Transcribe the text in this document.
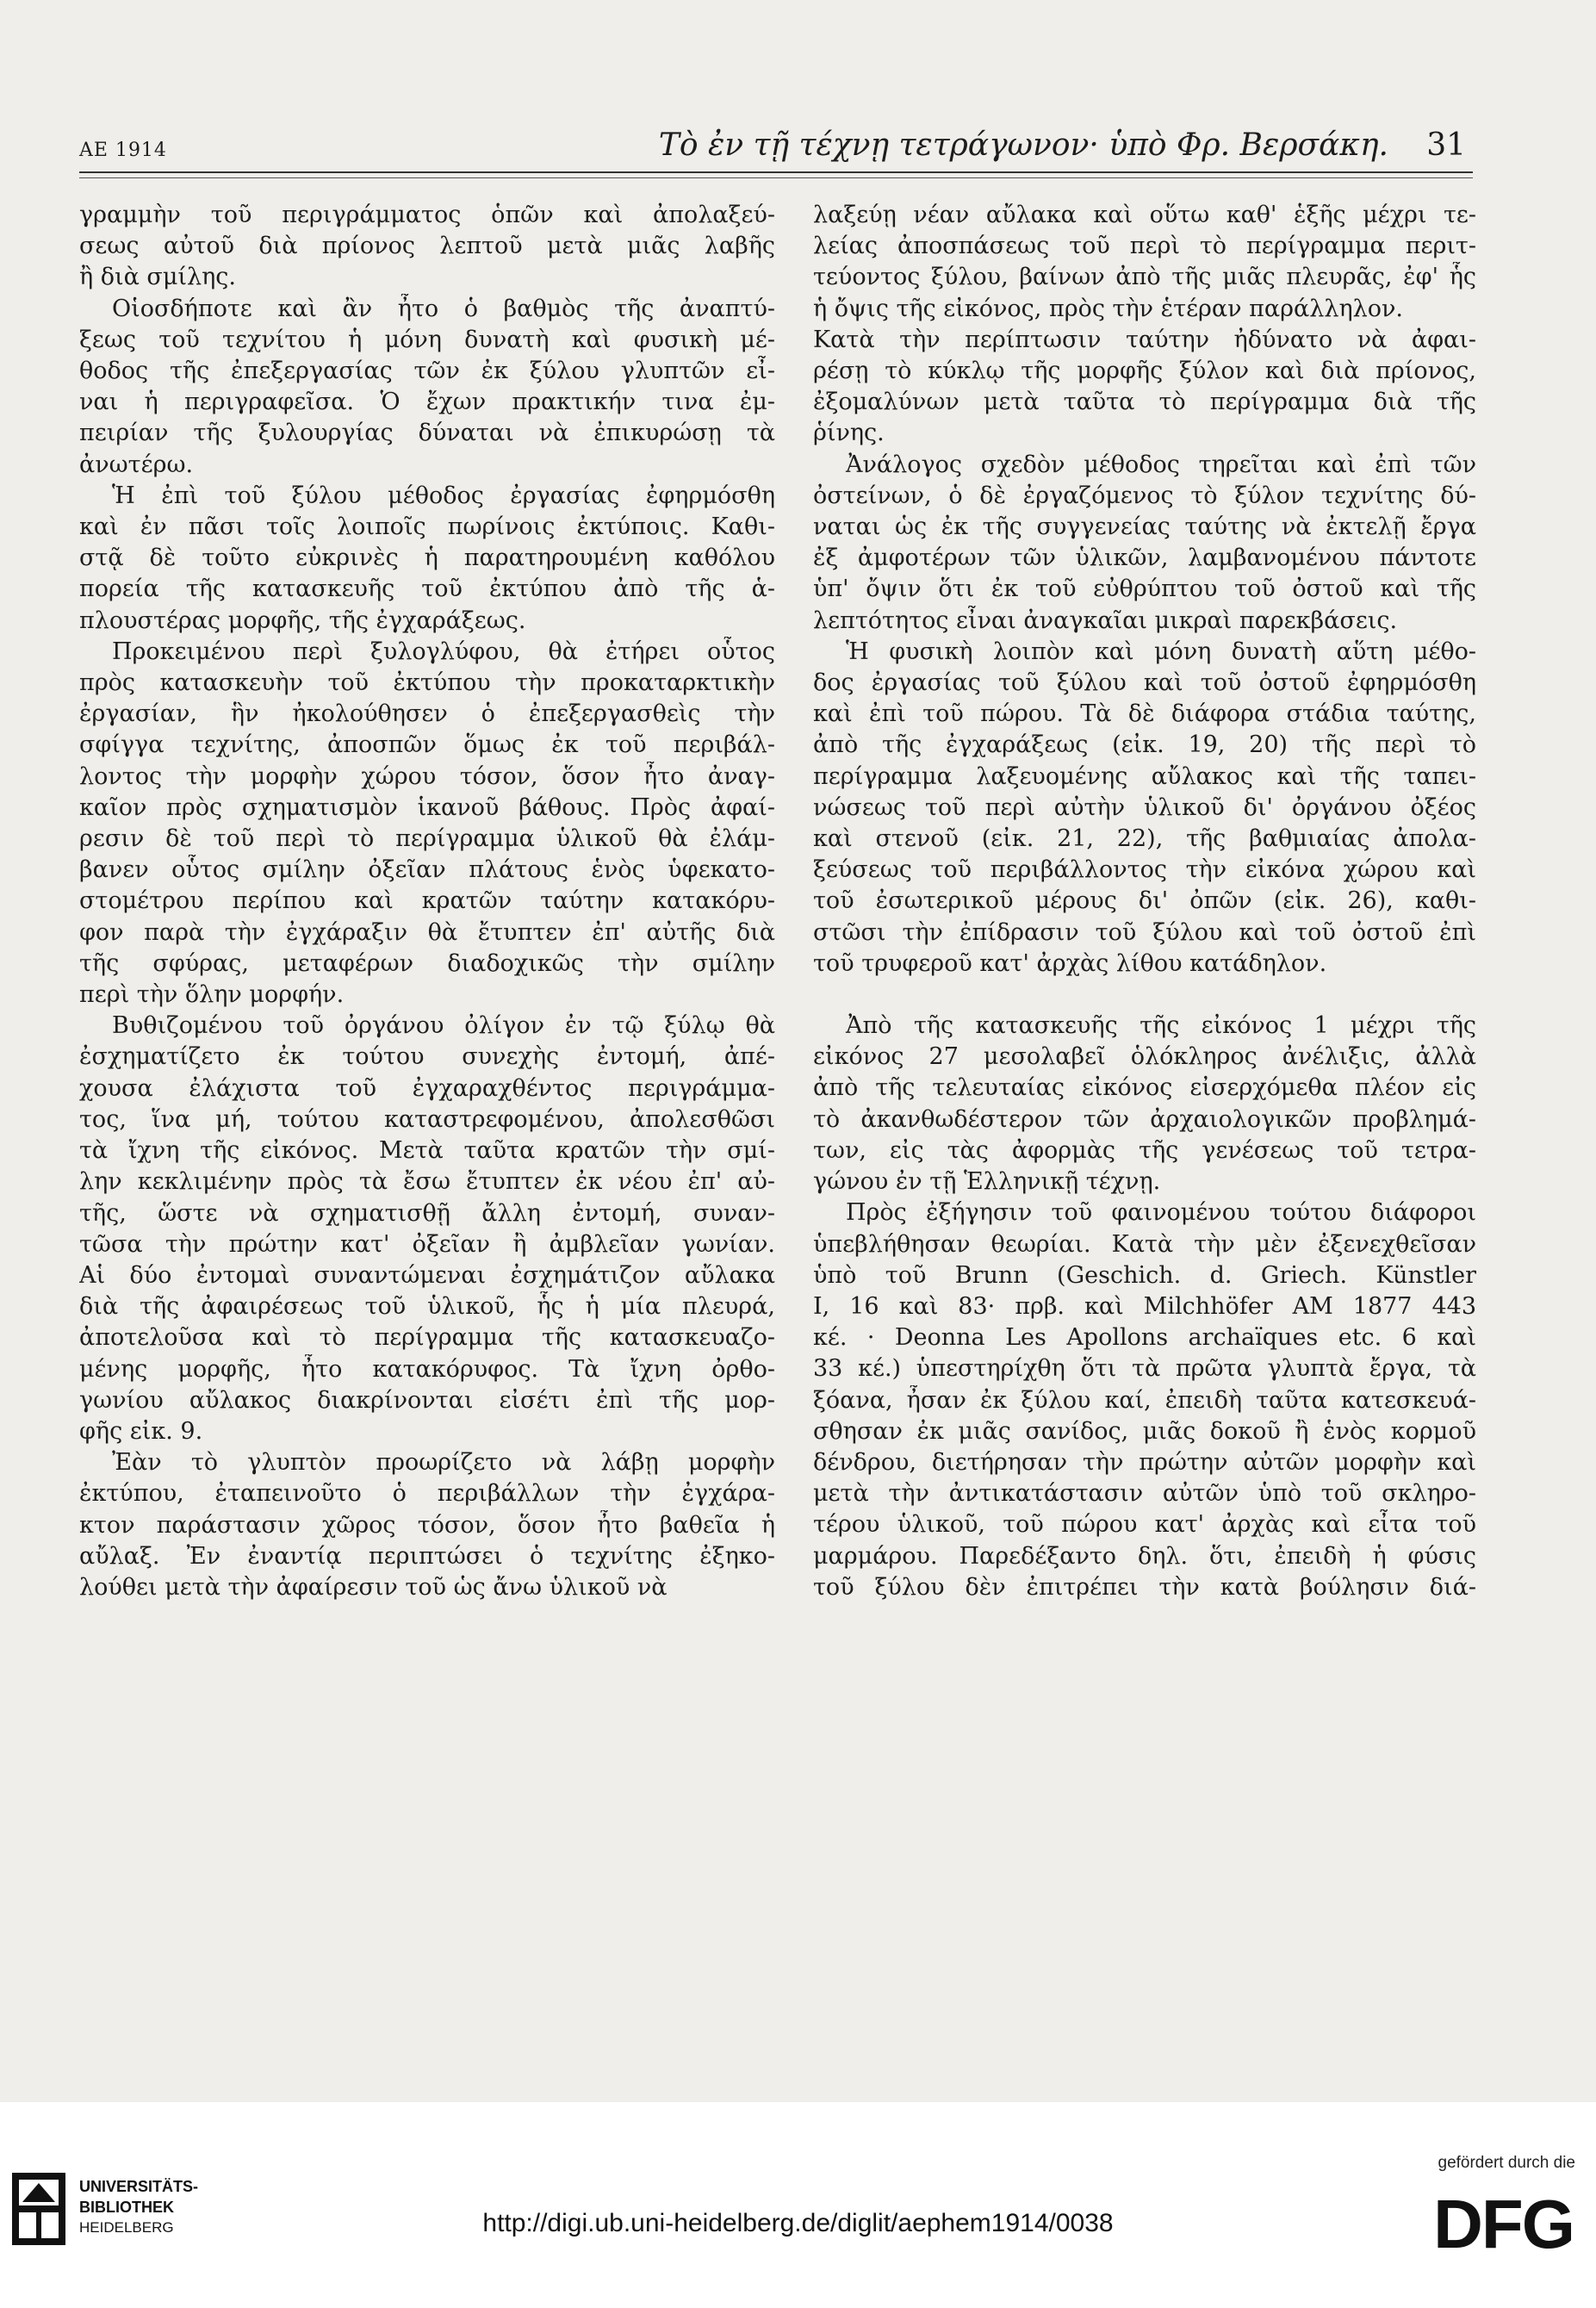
ΑΕ 1914	Τὸ ἐν τῇ τέχνῃ τετράγωνον· ὑπὸ Φρ. Βερσάκη. 31
γραμμὴν τοῦ περιγράμματος ὁπῶν καὶ ἀπολαξεύ-
σεως αὐτοῦ διὰ πρίονος λεπτοῦ μετὰ μιᾶς λαβῆς
ἢ διὰ σμίλης.
Οἱοσδήποτε καὶ ἂν ἦτο ὁ βαθμὸς τῆς ἀναπτύ-
ξεως τοῦ τεχνίτου ἡ μόνη δυνατὴ καὶ φυσικὴ μέ-
θοδος τῆς ἐπεξεργασίας τῶν ἐκ ξύλου γλυπτῶν εἶ-
ναι ἡ περιγραφεῖσα. Ὁ ἔχων πρακτικήν τινα ἐμ-
πειρίαν τῆς ξυλουργίας δύναται νὰ ἐπικυρώσῃ τὰ
ἀνωτέρω.
Ἡ ἐπὶ τοῦ ξύλου μέθοδος ἐργασίας ἐφηρμόσθη
καὶ ἐν πᾶσι τοῖς λοιποῖς πωρίνοις ἐκτύποις. Καθι-
στᾷ δὲ τοῦτο εὐκρινὲς ἡ παρατηρουμένη καθόλου
πορεία τῆς κατασκευῆς τοῦ ἐκτύπου ἀπὸ τῆς ἁ-
πλουστέρας μορφῆς, τῆς ἐγχαράξεως.
Προκειμένου περὶ ξυλογλύφου, θὰ ἐτήρει οὗτος
πρὸς κατασκευὴν τοῦ ἐκτύπου τὴν προκαταρκτικὴν
ἐργασίαν, ἣν ἠκολούθησεν ὁ ἐπεξεργασθεὶς τὴν
σφίγγα τεχνίτης, ἀποσπῶν ὅμως ἐκ τοῦ περιβάλ-
λοντος τὴν μορφὴν χώρου τόσον, ὅσον ἦτο ἀναγ-
καῖον πρὸς σχηματισμὸν ἱκανοῦ βάθους. Πρὸς ἀφαί-
ρεσιν δὲ τοῦ περὶ τὸ περίγραμμα ὑλικοῦ θὰ ἐλάμ-
βανεν οὗτος σμίλην ὀξεῖαν πλάτους ἑνὸς ὑφεκατο-
στομέτρου περίπου καὶ κρατῶν ταύτην κατακόρυ-
φον παρὰ τὴν ἐγχάραξιν θὰ ἔτυπτεν ἐπ' αὐτῆς διὰ
τῆς σφύρας, μεταφέρων διαδοχικῶς τὴν σμίλην
περὶ τὴν ὅλην μορφήν.
Βυθιζομένου τοῦ ὀργάνου ὀλίγον ἐν τῷ ξύλῳ θὰ
ἐσχηματίζετο ἐκ τούτου συνεχὴς ἐντομή, ἀπέ-
χουσα ἐλάχιστα τοῦ ἐγχαραχθέντος περιγράμμα-
τος, ἵνα μή, τούτου καταστρεφομένου, ἀπολεσθῶσι
τὰ ἴχνη τῆς εἰκόνος. Μετὰ ταῦτα κρατῶν τὴν σμί-
λην κεκλιμένην πρὸς τὰ ἔσω ἔτυπτεν ἐκ νέου ἐπ' αὐ-
τῆς, ὥστε νὰ σχηματισθῇ ἄλλη ἐντομή, συναν-
τῶσα τὴν πρώτην κατ' ὀξεῖαν ἢ ἀμβλεῖαν γωνίαν.
Αἱ δύο ἐντομαὶ συναντώμεναι ἐσχημάτιζον αὔλακα
διὰ τῆς ἀφαιρέσεως τοῦ ὑλικοῦ, ἧς ἡ μία πλευρά,
ἀποτελοῦσα καὶ τὸ περίγραμμα τῆς κατασκευαζο-
μένης μορφῆς, ἦτο κατακόρυφος. Τὰ ἴχνη ὀρθο-
γωνίου αὔλακος διακρίνονται εἰσέτι ἐπὶ τῆς μορ-
φῆς εἰκ. 9.
Ἐὰν τὸ γλυπτὸν προωρίζετο νὰ λάβῃ μορφὴν
ἐκτύπου, ἐταπεινοῦτο ὁ περιβάλλων τὴν ἐγχάρα-
κτον παράστασιν χῶρος τόσον, ὅσον ἦτο βαθεῖα ἡ
αὔλαξ. Ἐν ἐναντίᾳ περιπτώσει ὁ τεχνίτης ἐξηκο-
λούθει μετὰ τὴν ἀφαίρεσιν τοῦ ὡς ἄνω ὑλικοῦ νὰ
λαξεύῃ νέαν αὔλακα καὶ οὕτω καθ' ἑξῆς μέχρι τε-
λείας ἀποσπάσεως τοῦ περὶ τὸ περίγραμμα περιτ-
τεύοντος ξύλου, βαίνων ἀπὸ τῆς μιᾶς πλευρᾶς, ἐφ' ἧς
ἡ ὄψις τῆς εἰκόνος, πρὸς τὴν ἑτέραν παράλληλον.
Κατὰ τὴν περίπτωσιν ταύτην ἠδύνατο νὰ ἀφαι-
ρέσῃ τὸ κύκλῳ τῆς μορφῆς ξύλον καὶ διὰ πρίονος,
ἐξομαλύνων μετὰ ταῦτα τὸ περίγραμμα διὰ τῆς
ῥίνης.
Ἀνάλογος σχεδὸν μέθοδος τηρεῖται καὶ ἐπὶ τῶν
ὀστείνων, ὁ δὲ ἐργαζόμενος τὸ ξύλον τεχνίτης δύ-
ναται ὡς ἐκ τῆς συγγενείας ταύτης νὰ ἐκτελῇ ἔργα
ἐξ ἀμφοτέρων τῶν ὑλικῶν, λαμβανομένου πάντοτε
ὑπ' ὄψιν ὅτι ἐκ τοῦ εὐθρύπτου τοῦ ὀστοῦ καὶ τῆς
λεπτότητος εἶναι ἀναγκαῖαι μικραὶ παρεκβάσεις.
Ἡ φυσικὴ λοιπὸν καὶ μόνη δυνατὴ αὕτη μέθο-
δος ἐργασίας τοῦ ξύλου καὶ τοῦ ὀστοῦ ἐφηρμόσθη
καὶ ἐπὶ τοῦ πώρου. Τὰ δὲ διάφορα στάδια ταύτης,
ἀπὸ τῆς ἐγχαράξεως (εἰκ. 19, 20) τῆς περὶ τὸ
περίγραμμα λαξευομένης αὔλακος καὶ τῆς ταπει-
νώσεως τοῦ περὶ αὐτὴν ὑλικοῦ δι' ὀργάνου ὀξέος
καὶ στενοῦ (εἰκ. 21, 22), τῆς βαθμιαίας ἀπολα-
ξεύσεως τοῦ περιβάλλοντος τὴν εἰκόνα χώρου καὶ
τοῦ ἐσωτερικοῦ μέρους δι' ὀπῶν (εἰκ. 26), καθι-
στῶσι τὴν ἐπίδρασιν τοῦ ξύλου καὶ τοῦ ὀστοῦ ἐπὶ
τοῦ τρυφεροῦ κατ' ἀρχὰς λίθου κατάδηλον.
Ἀπὸ τῆς κατασκευῆς τῆς εἰκόνος 1 μέχρι τῆς
εἰκόνος 27 μεσολαβεῖ ὁλόκληρος ἀνέλιξις, ἀλλὰ
ἀπὸ τῆς τελευταίας εἰκόνος εἰσερχόμεθα πλέον εἰς
τὸ ἀκανθωδέστερον τῶν ἀρχαιολογικῶν προβλημά-
των, εἰς τὰς ἀφορμὰς τῆς γενέσεως τοῦ τετρα-
γώνου ἐν τῇ Ἑλληνικῇ τέχνῃ.
Πρὸς ἐξήγησιν τοῦ φαινομένου τούτου διάφοροι
ὑπεβλήθησαν θεωρίαι. Κατὰ τὴν μὲν ἐξενεχθεῖσαν
ὑπὸ τοῦ Brunn (Geschich. d. Griech. Künstler
I, 16 καὶ 83· πρβ. καὶ Milchhöfer AM 1877 443
κέ. · Deonna Les Apollons archaïques etc. 6 καὶ
33 κέ.) ὑπεστηρίχθη ὅτι τὰ πρῶτα γλυπτὰ ἔργα, τὰ
ξόανα, ἦσαν ἐκ ξύλου καί, ἐπειδὴ ταῦτα κατεσκευά-
σθησαν ἐκ μιᾶς σανίδος, μιᾶς δοκοῦ ἢ ἑνὸς κορμοῦ
δένδρου, διετήρησαν τὴν πρώτην αὐτῶν μορφὴν καὶ
μετὰ τὴν ἀντικατάστασιν αὐτῶν ὑπὸ τοῦ σκληρο-
τέρου ὑλικοῦ, τοῦ πώρου κατ' ἀρχὰς καὶ εἶτα τοῦ
μαρμάρου. Παρεδέξαντο δηλ. ὅτι, ἐπειδὴ ἡ φύσις
τοῦ ξύλου δὲν ἐπιτρέπει τὴν κατὰ βούλησιν διά-
UNIVERSITÄTS-
BIBLIOTHEK
HEIDELBERG	http://digi.ub.uni-heidelberg.de/diglit/aephem1914/0038
gefördert durch die
DFG
